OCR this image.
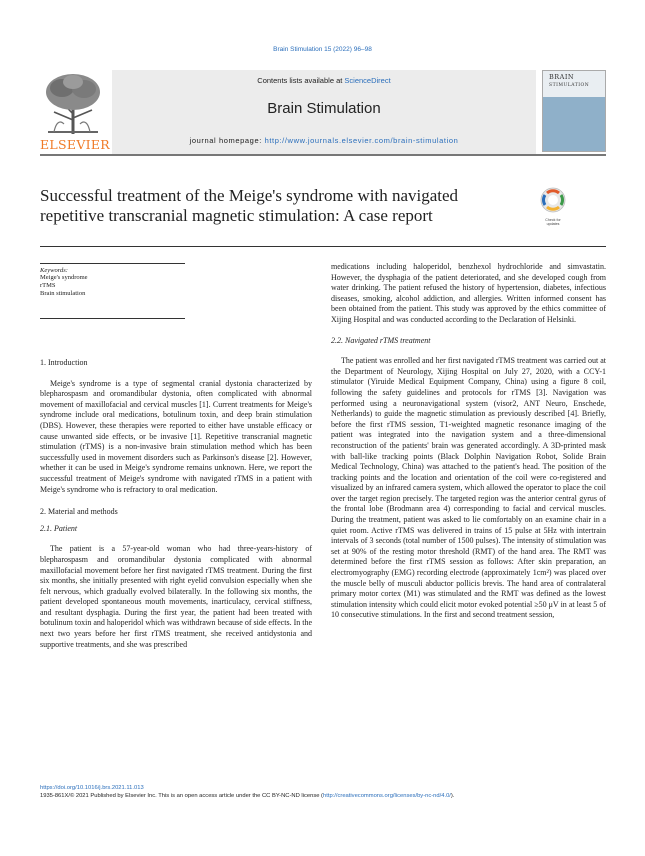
Brain Stimulation 15 (2022) 96–98
ELSEVIER
Contents lists available at ScienceDirect
Brain Stimulation
journal homepage: http://www.journals.elsevier.com/brain-stimulation
BRAIN
STIMULATION
Successful treatment of the Meige's syndrome with navigated
repetitive transcranial magnetic stimulation: A case report	Check for updates
Keywords:
Meige's syndrome
rTMS
Brain stimulation
1. Introduction

Meige's syndrome is a type of segmental cranial dystonia characterized by blepharospasm and oromandibular dystonia, often complicated with abnormal movement of maxillofacial and cervical muscles [1]. Current treatments for Meige's syndrome include oral medications, botulinum toxin, and deep brain stimulation (DBS). However, these therapies were reported to either have unstable efficacy or cause unwanted side effects, or be invasive [1]. Repetitive transcranial magnetic stimulation (rTMS) is a non-invasive brain stimulation method which has been successfully used in movement disorders such as Parkinson's disease [2]. However, whether it can be used in Meige's syndrome remains unknown. Here, we report the successful treatment of Meige's syndrome with navigated rTMS in a patient with Meige's syndrome who is refractory to oral medication.

2. Material and methods
2.1. Patient

The patient is a 57-year-old woman who had three-years-history of blepharospasm and oromandibular dystonia complicated with abnormal maxillofacial movement before her first navigated rTMS treatment. During the first six months, she initially presented with right eyelid convulsion especially when she felt nervous, which gradually evolved bilaterally. In the following six months, the patient developed spontaneous mouth movements, inarticulacy, cervical stiffness, and resultant dysphagia. During the first year, the patient had been treated with botulinum toxin and haloperidol which was withdrawn because of side effects. In the next two years before her first rTMS treatment, she received antidystonia and supportive treatments, and she was prescribed

medications including haloperidol, benzhexol hydrochloride and simvastatin. However, the dysphagia of the patient deteriorated, and she developed cough from water drinking. The patient refused the history of hypertension, diabetes, infectious diseases, smoking, alcohol addiction, and allergies. Written informed consent has been obtained from the patient. This study was approved by the ethics committee of Xijing Hospital and was conducted according to the Declaration of Helsinki.

2.2. Navigated rTMS treatment

The patient was enrolled and her first navigated rTMS treatment was carried out at the Department of Neurology, Xijing Hospital on July 27, 2020, with a CCY-1 stimulator (Yiruide Medical Equipment Company, China) using a figure 8 coil, following the safety guidelines and protocols for rTMS [3]. Navigation was performed using a neuronavigational system (visor2, ANT Neuro, Enschede, Netherlands) to guide the magnetic stimulation as previously described [4]. Briefly, before the first rTMS session, T1-weighted magnetic resonance imaging of the patient was integrated into the navigation system and a three-dimensional reconstruction of the patients' brain was generated accordingly. A 3D-printed mask with ball-like tracking points (Black Dolphin Navigation Robot, Solide Brain Medical Technology, China) was attached to the patient's head. The position of the tracking points and the location and orientation of the coil were co-registered and visualized by an infrared camera system, which allowed the operator to place the coil over the target region precisely. The targeted region was the anterior central gyrus of the frontal lobe (Brodmann area 4) corresponding to facial and cervical muscles. During the treatment, patient was asked to lie comfortably on an examine chair in a quiet room. Active rTMS was delivered in trains of 15 pulse at 5Hz with intertrain intervals of 3 seconds (total number of 1500 pulses). The intensity of stimulation was set at 90% of the resting motor threshold (RMT) of the hand area. The RMT was determined before the first rTMS session as follows: After skin preparation, an electromyography (EMG) recording electrode (approximately 1cm²) was placed over the muscle belly of musculi abductor pollicis brevis. The hand area of contralateral primary motor cortex (M1) was stimulated and the RMT was defined as the lowest stimulation intensity which could elicit motor evoked potential ≥50 μV in at least 5 of 10 consecutive stimulations. In the first and second treatment session,

https://doi.org/10.1016/j.brs.2021.11.013
1935-861X/© 2021 Published by Elsevier Inc. This is an open access article under the CC BY-NC-ND license (http://creativecommons.org/licenses/by-nc-nd/4.0/).
